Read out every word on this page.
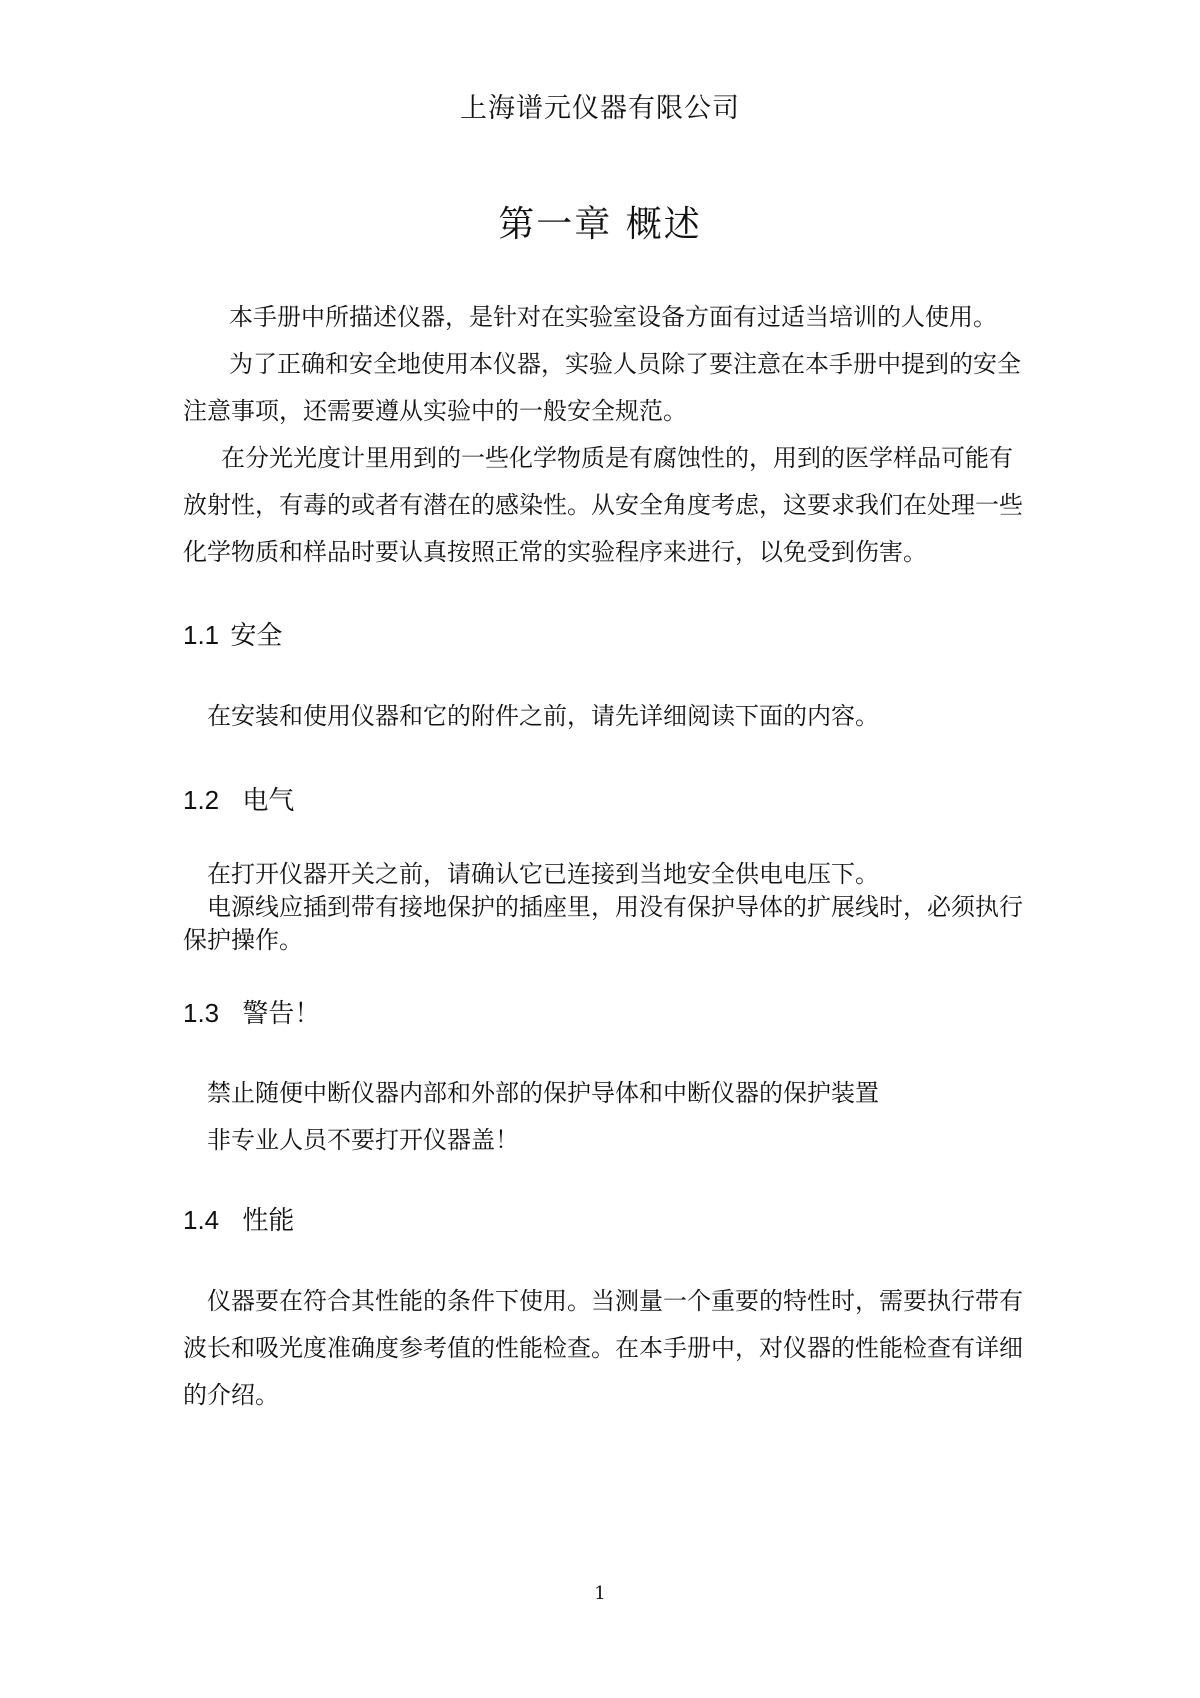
上海谱元仪器有限公司
第一章 概述

本手册中所描述仪器，是针对在实验室设备方面有过适当培训的人使用。

为了正确和安全地使用本仪器，实验人员除了要注意在本手册中提到的安全注意事项，还需要遵从实验中的一般安全规范。

在分光光度计里用到的一些化学物质是有腐蚀性的，用到的医学样品可能有放射性，有毒的或者有潜在的感染性。从安全角度考虑，这要求我们在处理一些化学物质和样品时要认真按照正常的实验程序来进行，以免受到伤害。

1.1 安全

在安装和使用仪器和它的附件之前，请先详细阅读下面的内容。

1.2 电气

在打开仪器开关之前，请确认它已连接到当地安全供电电压下。

电源线应插到带有接地保护的插座里，用没有保护导体的扩展线时，必须执行保护操作。

1.3 警告！

禁止随便中断仪器内部和外部的保护导体和中断仪器的保护装置

非专业人员不要打开仪器盖！

1.4 性能

仪器要在符合其性能的条件下使用。当测量一个重要的特性时，需要执行带有波长和吸光度准确度参考值的性能检查。在本手册中，对仪器的性能检查有详细的介绍。

1
